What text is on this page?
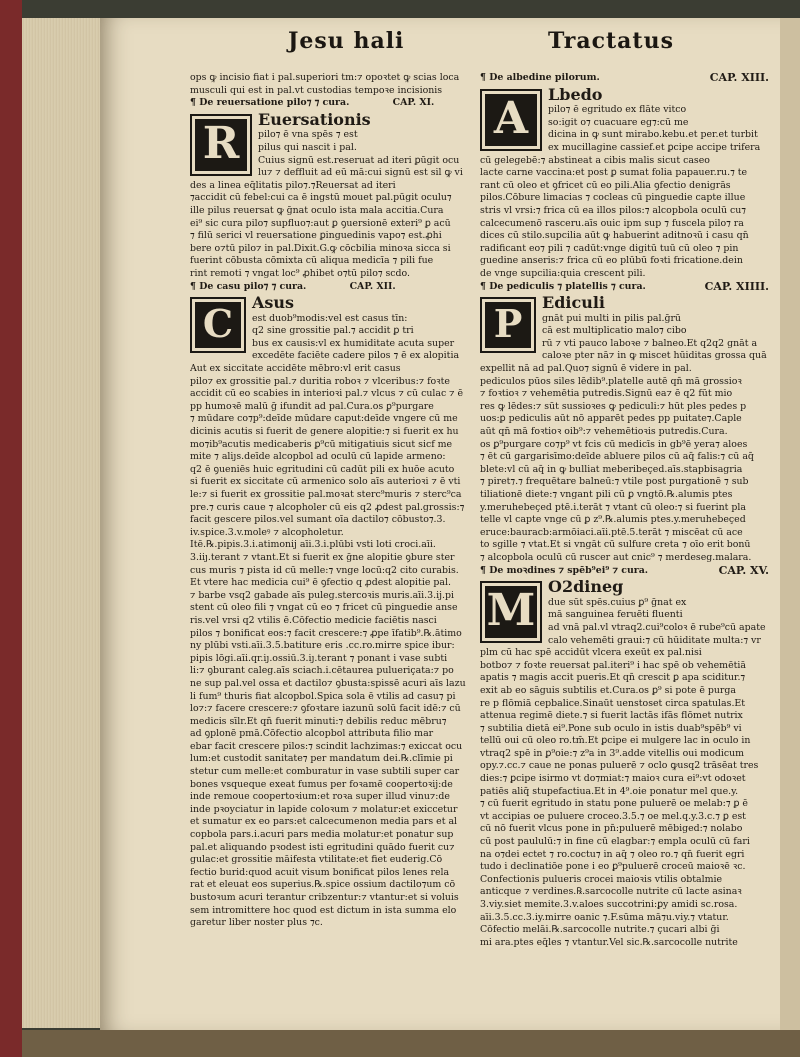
Jesu hali	Tractatus
ops ꝙ incisio fiat i pal.superiori tm:⁊ opoꝛtet ꝙ scias loca
musculi qui est in pal.vt custodias tempoꝛe incisionis
¶ De reuersatione pilo⁊ ⁊ cura.	CAP. XI.
R	Euersationis
pilo⁊ ē vna spēs ⁊ est
pilus qui nascit i pal.
Cuius signū est.reseruat ad iteri ꝑūgit ocu
lu⁊ ⁊ deffluit ad eū mā:cui signū est sil ꝙ vi
des a linea eq̄litatis pilo⁊.⁊Reuersat ad iteri
⁊accidit cū febel:cui ca ē ingstū mouet pal.pūgit oculu⁊
ille pilus reuersat ꝙ ḡnat oculo ista mala accitia.Cura
ei⁹ sic cura pilo⁊ supfluo⁊:aut ꝑ ꝯuersionē exteri⁹ ꝑ acū
⁊ filū serici vl reuersatione ꝑinguedinis vapo⁊ est.ꝓhi
bere o⁊tū pilo⁊ in pal.Dixit.G.ꝙ cōcbilia minoꝛa sicca si
fuerint cōbusta cōmixta cū aliqua medicīa ⁊ pili fue
rint remoti ⁊ vngat loc⁹ ꝓhibet o⁊tū pilo⁊ scdo.
¶ De casu pilo⁊ ⁊ cura.	CAP. XII.
C	Asus
est duob⁹modis:vel est casus tīn:
q2 sine grossitie pal.⁊ accidit ꝑ tri
bus ex causis:vl ex humiditate acuta super
excedēte faciēte cadere pilos ⁊ ē ex alopitia
Aut ex siccitate accidēte mēbro:vl erit casus
pilo⁊ ex grossitie pal.⁊ duritia roboꝛ ⁊ vlceribus:⁊ foꝛte
accidit cū eo scabies in interioꝛi pal.⁊ vlcus ⁊ cū culac ⁊ ē
pp humoꝛē malū ḡ ifundit ad pal.Cura.os ꝑ⁹purgare
⁊ mūdare co⁊p⁹:deīde mūdare caput:deīde vngere cū me
dicinis acutis si fuerit de genere alopitie:⁊ si fuerit ex hu
mo⁊ib⁹acutis medicaberis ꝑ⁹cū mitigatiuis sicut sicf me
mite ⁊ aliȷs.deīde alcopbol ad oculū cū lapide armeno:
q2 ē ꝯueniēs huic egritudini cū cadūt pili ex huōe acuto
si fuerit ex siccitate cū armenico solo aīs auterioꝛi ⁊ ē vti
le:⁊ si fuerit ex grossitie pal.moꝛat sterc⁹muris ⁊ sterc⁹ca
pre.⁊ curis caue ⁊ alcopholer cū eis q2 ꝓdest pal.grossis:⁊
facit gescere pilos.vel sumant oīa dactilo⁊ cōbusto⁊.3.
iv.spice.3.v.moleꝰ ⁊ alcopholetur.
Itē.℞.pipis.3.i.atimonij aīi.3.i.plūbi vsti loti croci.aīi.
3.iiȷ.terant ⁊ vtant.Et si fuerit ex ḡne alopitie ꝯbure ster
cus muris ⁊ pista id cū melle:⁊ vnge locū:q2 cito curabis.
Et vtere hac medicia cui⁹ ē ꝯfectio q ꝓdest alopitie pal.
⁊ barbe vsq2 gabade aīs puleg.stercoꝛis muris.aīi.3.ij.pi
stent cū oleo fili ⁊ vngat cū eo ⁊ fricet cū pinguedie anse
ris.vel vrsi q2 vtilis ē.Cōfectio medicie faciētis nasci
pilos ⁊ bonificat eos:⁊ facit crescere:⁊ ꝓpe īfatib⁹.℞.ātimo
ny plūbi vsti.aīi.3.5.batiture eris .cc.ro.mirre spice ibur:
pipis lōgi.aīi.qr.iȷ.ossiū.3.iȷ.terant ⁊ ponant i vase subti
li:⁊ ꝯburant caleg.aīs sciach.i.cētaurea pulueriçata:⁊ po
ne sup pal.vel ossa et dactilo⁊ ꝯbusta:spissē acuri aīs lazu
li fum⁹ thuris fiat alcopbol.Spica sola ē vtilis ad casu⁊ pi
lo⁊:⁊ facere crescere:⁊ ꝯfoꝛtare iazunū solū facit idē:⁊ cū
medicis sīlr.Et qn̄ fuerit minuti:⁊ debilis reduc mēbru⁊
ad ꝯplonē pmā.Cōfectio alcopbol attributa filio mar
ebar facit crescere pilos:⁊ scindit lachzimas:⁊ exiccat ocu
lum:et custodit sanitate⁊ per mandatum dei.℞.clīmie pi
stetur cum melle:et comburatur in vase subtili super car
bones vsqueque exeat fumus per foꝛamē coopertoꝛij:de
inde remoue coopertoꝛium:et roꝛa super illud vinu⁊:de
inde pꝛoyciatur in lapide coloꝛum ⁊ molatur:et exiccetur
et sumatur ex eo pars:et calcecumenon media pars et al
copbola pars.i.acuri pars media molatur:et ponatur sup
pal.et aliquando pꝛodest isti egritudini quādo fuerit cu⁊
gulac:et grossitie māifesta vtilitate:et fiet euderig.Cō
fectio burid:quod acuit visum bonificat pilos lenes rela
rat et eleuat eos superius.℞.spice ossium dactilo⁊um cō
bustoꝛum acuri terantur cribzentur:⁊ vtantur:et si voluis
sem intromittere hoc quod est dictum in ista summa elo
garetur liber noster plus ⁊c.
¶ De albedine pilorum.	CAP. XIII.
A	Lbedo
pilo⁊ ē egritudo ex flāte vitco
so:igit o⁊ cuacuare eg⁊:cū me
dicina in ꝙ sunt mirabo.kebu.et per.et turbit
ex mucillagine cassief.et ꝑcipe accipe trifera
cū gelegebē:⁊ abstineat a cibis malis sicut caseo
lacte carne vaccina:et post ꝑ sumat folia papauer.ru.⁊ te
rant cū oleo et ꝯfricet cū eo pili.Alia ꝯfectio denigrās
pilos.Cōbure limacias ⁊ cocleas cū pinguedie capte illue
stris vl vrsi:⁊ frica cū ea illos pilos:⁊ alcopbola oculū cu⁊
calcecumenō rasceru.aīs ouic ipm sup ⁊ fuscela pilo⁊ ra
dices cū stilo.supcilia aūt ꝙ habuerint aditnoꝛū i casu qn̄
radificant eo⁊ pili ⁊ cadūt:vnge digitū tuū cū oleo ⁊ pin
guedine anseris:⁊ frica cū eo plūbū foꝛti fricatione.dein
de vnge supcilia:quia crescent pili.
¶ De pediculis ⁊ platellis ⁊ cura.	CAP. XIIII.
P	Ediculi
gnāt pui multi in pilis pal.ḡrū
cā est multiplicatio malo⁊ cibo
rū ⁊ vti pauco laboꝛe ⁊ balneo.Et q2q2 gnāt a
caloꝛe pter nā⁊ in ꝙ miscet hūiditas grossa quā
expellit nā ad pal.Quo⁊ signū ē videre in pal.
pediculos pūos siles lēdib⁹.platelle autē qn̄ mā grossioꝛ
⁊ foꝛtioꝛ ⁊ vehemētia putredis.Signū ea⁊ ē q2 fūt mio
res ꝙ lēdes:⁊ sūt sussioꝛes ꝙ pediculi:⁊ hūt ples pedes p
uos:ꝑ pediculis aūt nō apparēt pedes pp puitate⁊.Caple
aūt qn̄ mā foꝛtioꝛ oib⁹:⁊ vehemētioꝛis putredis.Cura.
os ꝑ⁹purgare co⁊p⁹ vt fcis cū medicīs in gb⁹ē yera⁊ aloes
⁊ ēt cū gargarisīmo:deīde abluere pilos cū aq̄ falis:⁊ cū aq̄
blete:vl cū aq̄ in ꝙ bulliat meberibeçed.aīs.stapbisagria
⁊ piret⁊.⁊ frequētare balneū:⁊ vtile post purgationē ⁊ sub
tiliationē diete:⁊ vngant pili cū ꝑ vngtō.℞.alumis ptes
y.meruhebeçed ptē.i.terāt ⁊ vtant cū oleo:⁊ si fuerint pla
telle vl capte vnge cū ꝑ z⁹.℞.alumis ptes.y.meruhebeçed
eruce:bauracb:armōiaci.aīi.ptē.5.terāt ⁊ miscēat cū ace
to sgille ⁊ vtat.Et si vngāt cū sulfure creta ⁊ oīo erit bonū
⁊ alcopbola oculū cū ruscer aut cnic⁹ ⁊ merdeseg.malara.
¶ De moꝛdines ⁊ spēb⁹ei⁹ ⁊ cura.	CAP. XV.
M O2dineg
due sūt spēs.cuius ꝑ⁹ ḡnat ex
mā sanguinea feruēti fluenti
ad vnā pal.vl vtraq2.cui⁹coloꝛ ē rube⁹cū apate
calo vehemēti graui:⁊ cū hūiditate multa:⁊ vr
plm cū hac spē accidūt vlcera exeūt ex pal.nisi
botbo⁊ ⁊ foꝛte reuersat pal.iteri⁹ i hac spē ob vehemētiā
apatis ⁊ magis accit pueris.Et qn̄ crescit ꝑ apa sciditur.⁊
exit ab eo sāguis subtilis et.Cura.os ꝑ⁹ si pote ē purga
re p flōmiā cepbalice.Sinaūt uenstoset circa spatulas.Et
attenua regimē diete.⁊ si fuerit lactās ifās flōmet nutrix
⁊ subtilia dietā ei⁹.Pone sub oculo in istis duab⁹spēb⁹ vi
tellū oui cū oleo ro.tm̄.Et ꝑcipe ei mulgere lac in oculo in
vtraq2 spē in ꝑ⁹oie:⁊ z⁹a in 3⁹.adde vitellis oui modicum
opy.⁊.cc.⁊ caue ne ponas puluerē ⁊ oclo ꝙusq2 trāsēat tres
dies:⁊ ꝑcipe isirmo vt do⁊miat:⁊ maioꝛ cura ei⁹:vt odoꝛet
patiēs aliq̄ stupefactiua.Et in 4⁹.oie ponatur mel que.y.
⁊ cū fuerit egritudo in statu pone puluerē oe melab:⁊ ꝑ ē
vt accipias oe puluere croceo.3.5.⁊ oe mel.q.y.3.c.⁊ ꝑ est
cū nō fuerit vlcus pone in pn̄:puluerē mēbiged:⁊ nolabo
cū post paululū:⁊ in fine cū elagbar:⁊ empla oculū cū fari
na o⁊dei ectet ⁊ ro.coctu⁊ in aq̄ ⁊ oleo ro.⁊ qn̄ fuerit egri
tudo i declinatiōe pone i eo ꝑ⁹puluerē croceū maioꝛē ꝛc.
Confectionis pulueris crocei maioꝛis vtilis obtalmie
anticque ⁊ verdines.℞.sarcocolle nutrite cū lacte asinaꝛ
3.viy.siet memite.3.v.aloes succotrini:ꝑy amidi sc.rosa.
aīi.3.5.cc.3.iy.mirre oanic ⁊.F.sūma mā⁊u.viy.⁊ vtatur.
Cōfectio melāi.℞.sarcocolle nutrite.⁊ çucari albi ḡi
mi ara.ptes eq̄les ⁊ vtantur.Vel sic.℞.sarcocolle nutrite
